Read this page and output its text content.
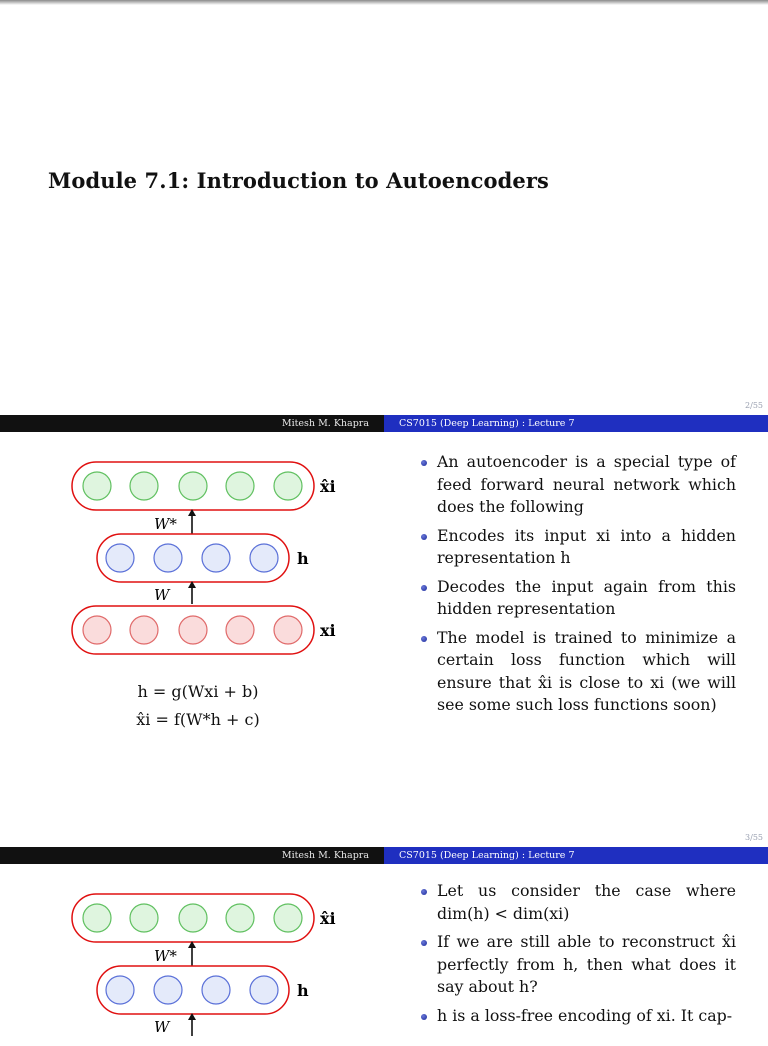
Module 7.1: Introduction to Autoencoders
2/55
Mitesh M. Khapra	CS7015 (Deep Learning) : Lecture 7
x̂i
W*
h
W
xi
h = g(Wxi + b)
x̂i = f(W*h + c)
An autoencoder is a special type of feed forward neural network which does the following
Encodes its input xi into a hidden representation h
Decodes the input again from this hidden representation
The model is trained to minimize a certain loss function which will ensure that x̂i is close to xi (we will see some such loss functions soon)
3/55
Mitesh M. Khapra	CS7015 (Deep Learning) : Lecture 7
x̂i
W*
h
W
Let us consider the case where dim(h) < dim(xi)
If we are still able to reconstruct x̂i perfectly from h, then what does it say about h?
h is a loss-free encoding of xi. It cap-
